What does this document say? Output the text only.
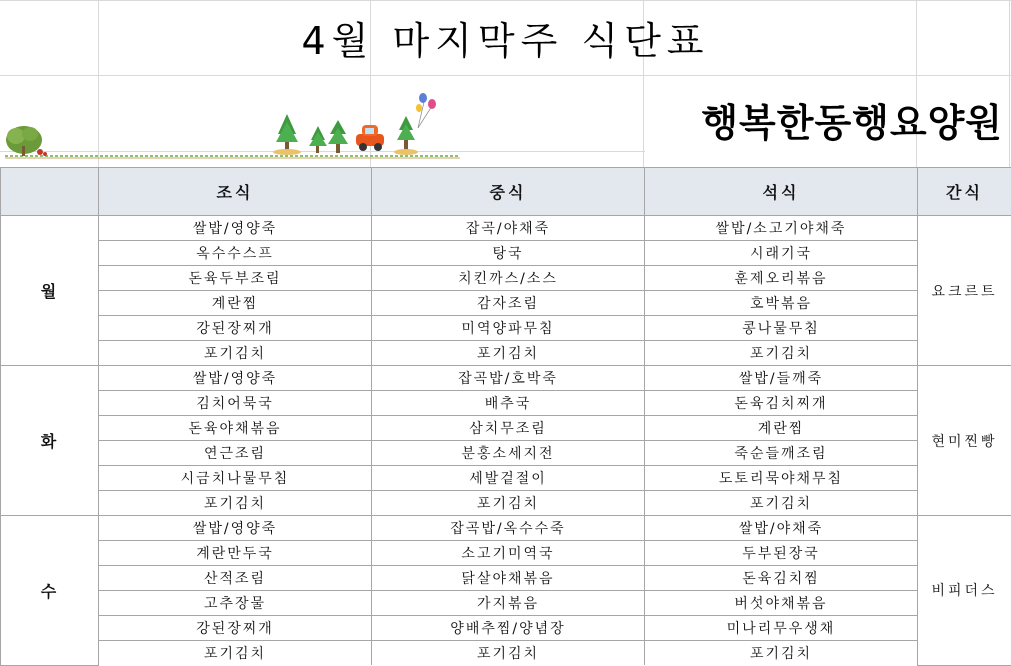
4월 마지막주 식단표
행복한동행요양원
	조식	중식	석식	간식
월	쌀밥/영양죽	잡곡/야채죽	쌀밥/소고기야채죽	요크르트
	옥수수스프	탕국	시래기국	
	돈육두부조림	치킨까스/소스	훈제오리볶음	
	계란찜	감자조림	호박볶음	
	강된장찌개	미역양파무침	콩나물무침	
	포기김치	포기김치	포기김치	
화	쌀밥/영양죽	잡곡밥/호박죽	쌀밥/들깨죽	현미찐빵
	김치어묵국	배추국	돈육김치찌개	
	돈육야채볶음	삼치무조림	계란찜	
	연근조림	분홍소세지전	죽순들깨조림	
	시금치나물무침	세발겉절이	도토리묵야채무침	
	포기김치	포기김치	포기김치	
수	쌀밥/영양죽	잡곡밥/옥수수죽	쌀밥/야채죽	비피더스
	계란만두국	소고기미역국	두부된장국	
	산적조림	닭살야채볶음	돈육김치찜	
	고추장물	가지볶음	버섯야채볶음	
	강된장찌개	양배추찜/양념장	미나리무우생채	
	포기김치	포기김치	포기김치	
